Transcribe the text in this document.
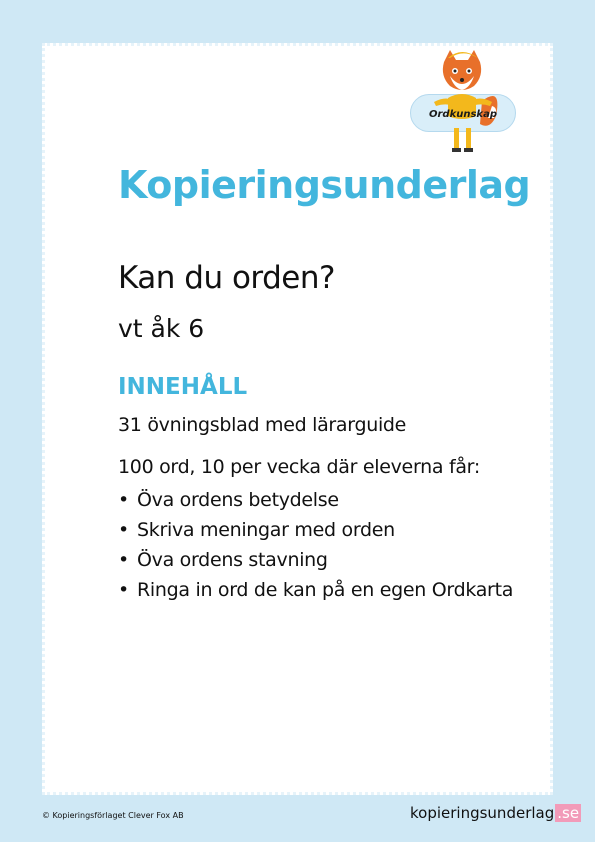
Ordkunskap
Kopieringsunderlag
Kan du orden?
vt åk 6
INNEHÅLL
31 övningsblad med lärarguide
100 ord, 10 per vecka där eleverna får:
• Öva ordens betydelse
• Skriva meningar med orden
• Öva ordens stavning
• Ringa in ord de kan på en egen Ordkarta
© Kopieringsförlaget Clever Fox AB	kopieringsunderlag .se
